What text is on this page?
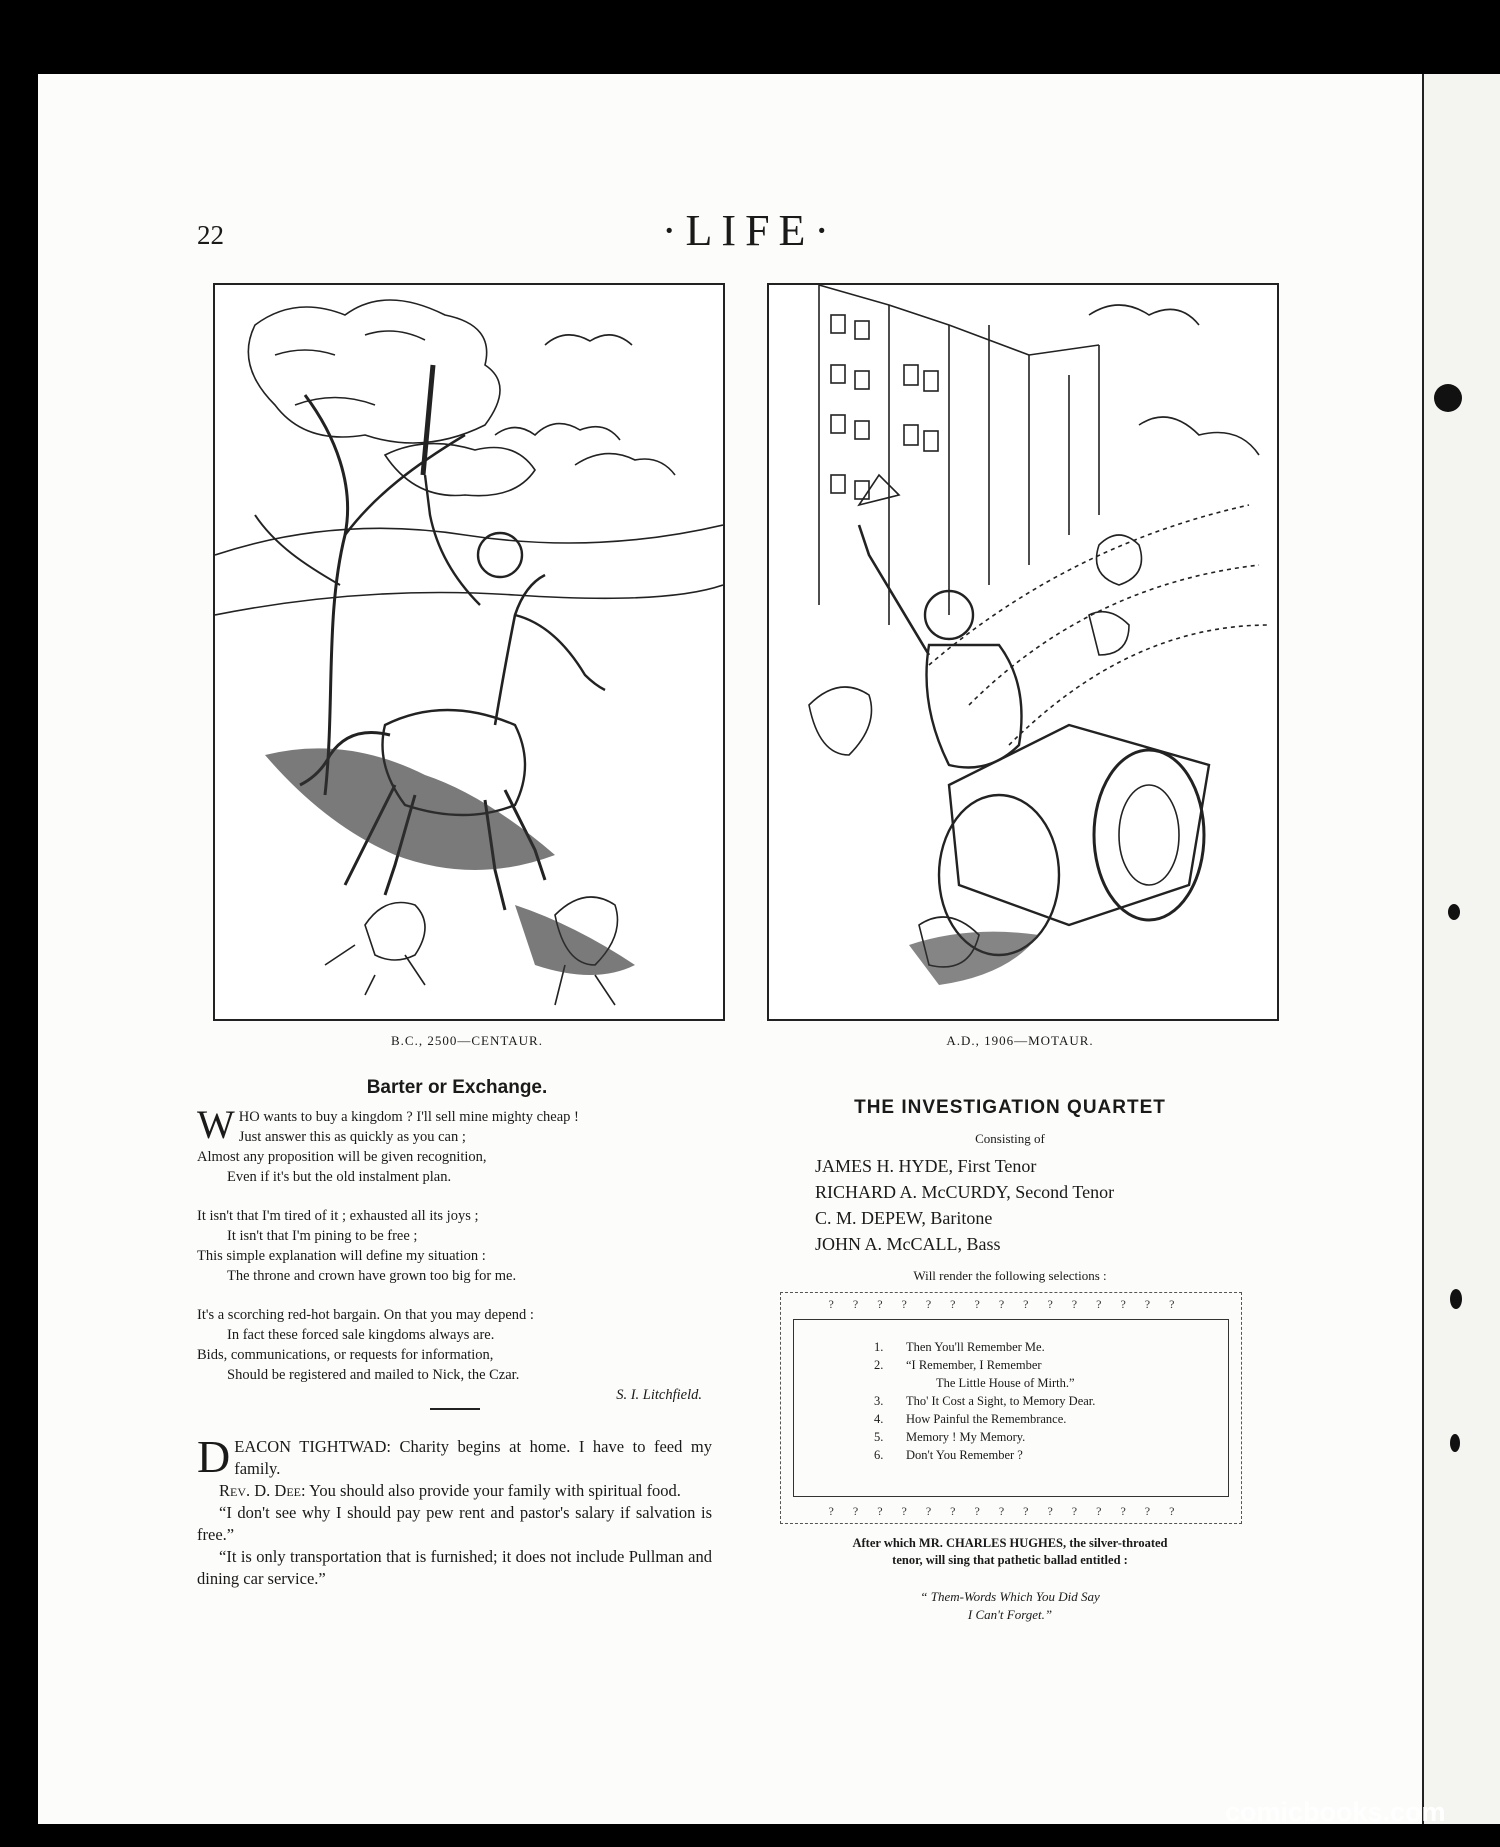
22	·LIFE·
B.C., 2500—CENTAUR.	A.D., 1906—MOTAUR.
Barter or Exchange.
W HO wants to buy a kingdom ? I'll sell mine mighty cheap !
Just answer this as quickly as you can ;
Almost any proposition will be given recognition,
Even if it's but the old instalment plan.
It isn't that I'm tired of it ; exhausted all its joys ;
It isn't that I'm pining to be free ;
This simple explanation will define my situation :
The throne and crown have grown too big for me.
It's a scorching red-hot bargain. On that you may depend :
In fact these forced sale kingdoms always are.
Bids, communications, or requests for information,
Should be registered and mailed to Nick, the Czar.
S. I. Litchfield.

DEACON TIGHTWAD: Charity begins at home. I have to feed my family.

Rev. D. Dee: You should also provide your family with spiritual food.

“I don't see why I should pay pew rent and pastor's salary if salvation is free.”

“It is only transportation that is furnished; it does not include Pullman and dining car service.”

THE INVESTIGATION QUARTET
Consisting of
JAMES H. HYDE, First Tenor
RICHARD A. McCURDY, Second Tenor
C. M. DEPEW, Baritone
JOHN A. McCALL, Bass
Will render the following selections :
???????????????
1. Then You'll Remember Me.
2. “I Remember, I Remember
The Little House of Mirth.”
3. Tho' It Cost a Sight, to Memory Dear.
4. How Painful the Remembrance.
5. Memory ! My Memory.
6. Don't You Remember ?
???????????????
After which MR. CHARLES HUGHES, the silver-throated
tenor, will sing that pathetic ballad entitled :
“ Them-Words Which You Did Say
I Can't Forget.”
comicbooks.com
